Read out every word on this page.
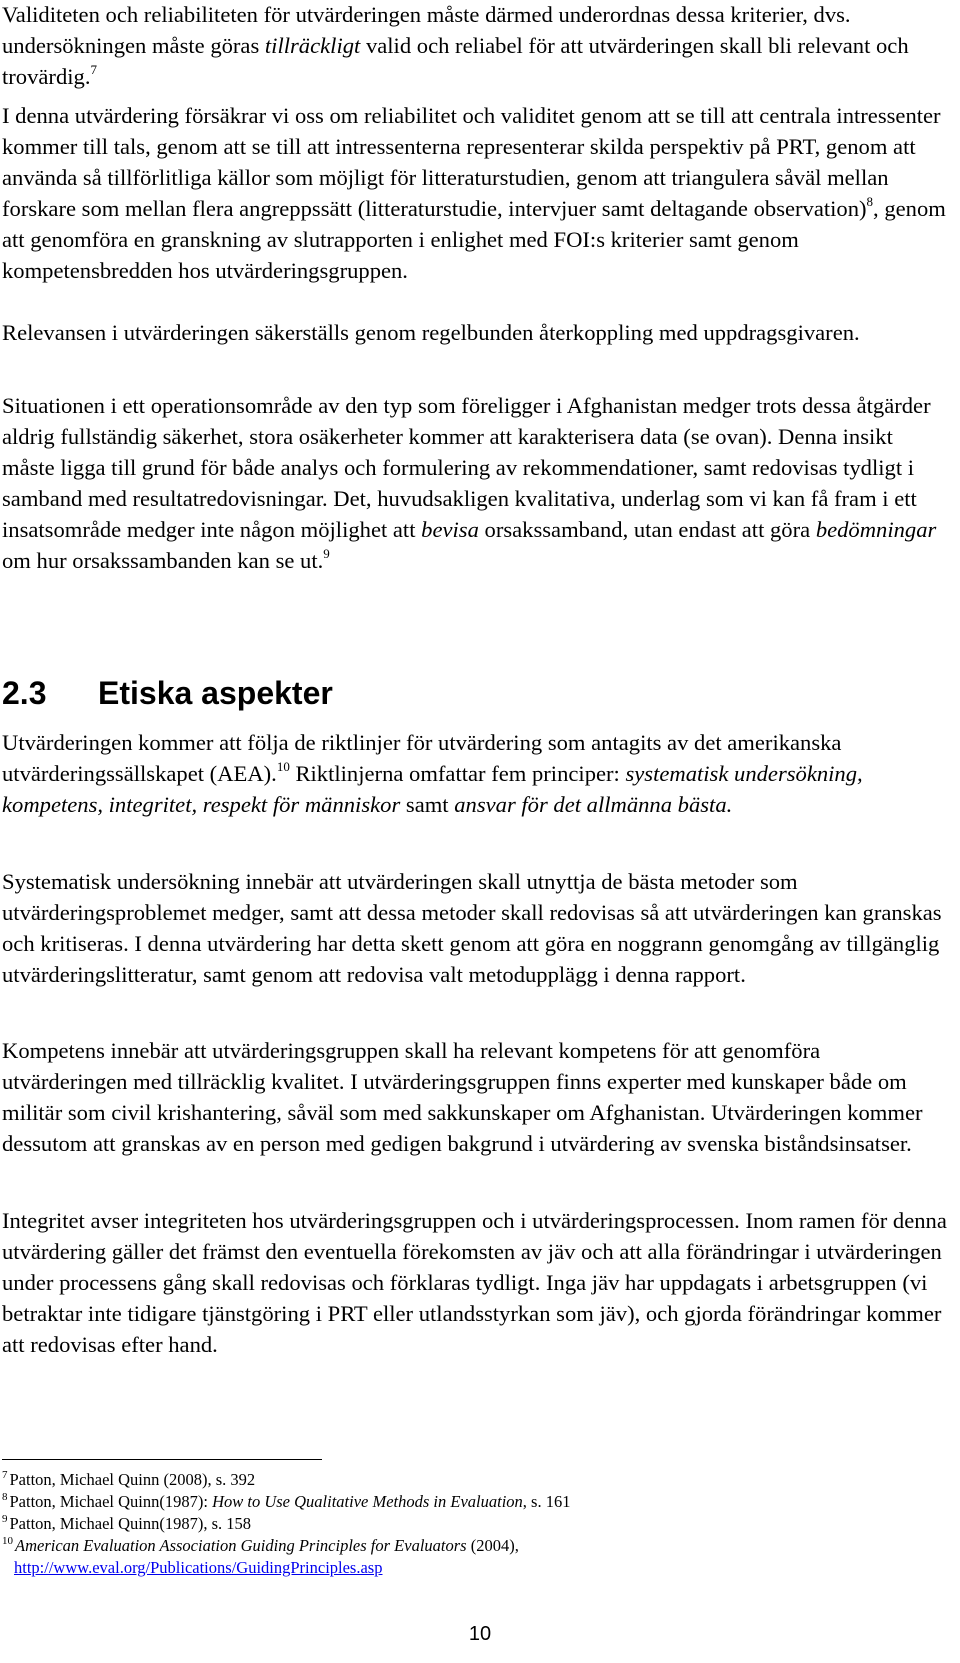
Validiteten och reliabiliteten för utvärderingen måste därmed underordnas dessa kriterier, dvs. undersökningen måste göras tillräckligt valid och reliabel för att utvärderingen skall bli relevant och trovärdig.$^7$

I denna utvärdering försäkrar vi oss om reliabilitet och validitet genom att se till att centrala intressenter kommer till tals, genom att se till att intressenterna representerar skilda perspektiv på PRT, genom att använda så tillförlitliga källor som möjligt för litteraturstudien, genom att triangulera såväl mellan forskare som mellan flera angreppssätt (litteraturstudie, intervjuer samt deltagande observation)$^8$, genom att genomföra en granskning av slutrapporten i enlighet med FOI:s kriterier samt genom kompetensbredden hos utvärderingsgruppen.

Relevansen i utvärderingen säkerställs genom regelbunden återkoppling med uppdragsgivaren.

Situationen i ett operationsområde av den typ som föreligger i Afghanistan medger trots dessa åtgärder aldrig fullständig säkerhet, stora osäkerheter kommer att karakterisera data (se ovan). Denna insikt måste ligga till grund för både analys och formulering av rekommendationer, samt redovisas tydligt i samband med resultatredovisningar. Det, huvudsakligen kvalitativa, underlag som vi kan få fram i ett insatsområde medger inte någon möjlighet att bevisa orsakssamband, utan endast att göra bedömningar om hur orsakssambanden kan se ut.$^9$

2.3 Etiska aspekter

Utvärderingen kommer att följa de riktlinjer för utvärdering som antagits av det amerikanska utvärderingssällskapet (AEA).$^{10}$ Riktlinjerna omfattar fem principer: systematisk undersökning, kompetens, integritet, respekt för människor samt ansvar för det allmänna bästa.

Systematisk undersökning innebär att utvärderingen skall utnyttja de bästa metoder som utvärderingsproblemet medger, samt att dessa metoder skall redovisas så att utvärderingen kan granskas och kritiseras. I denna utvärdering har detta skett genom att göra en noggrann genomgång av tillgänglig utvärderingslitteratur, samt genom att redovisa valt metodupplägg i denna rapport.

Kompetens innebär att utvärderingsgruppen skall ha relevant kompetens för att genomföra utvärderingen med tillräcklig kvalitet. I utvärderingsgruppen finns experter med kunskaper både om militär som civil krishantering, såväl som med sakkunskaper om Afghanistan. Utvärderingen kommer dessutom att granskas av en person med gedigen bakgrund i utvärdering av svenska biståndsinsatser.

Integritet avser integriteten hos utvärderingsgruppen och i utvärderingsprocessen. Inom ramen för denna utvärdering gäller det främst den eventuella förekomsten av jäv och att alla förändringar i utvärderingen under processens gång skall redovisas och förklaras tydligt. Inga jäv har uppdagats i arbetsgruppen (vi betraktar inte tidigare tjänstgöring i PRT eller utlandsstyrkan som jäv), och gjorda förändringar kommer att redovisas efter hand.

$^7$ Patton, Michael Quinn (2008), s. 392

$^8$ Patton, Michael Quinn(1987): How to Use Qualitative Methods in Evaluation, s. 161

$^9$ Patton, Michael Quinn(1987), s. 158

$^{10}$ American Evaluation Association Guiding Principles for Evaluators (2004),
http://www.eval.org/Publications/GuidingPrinciples.asp

10
